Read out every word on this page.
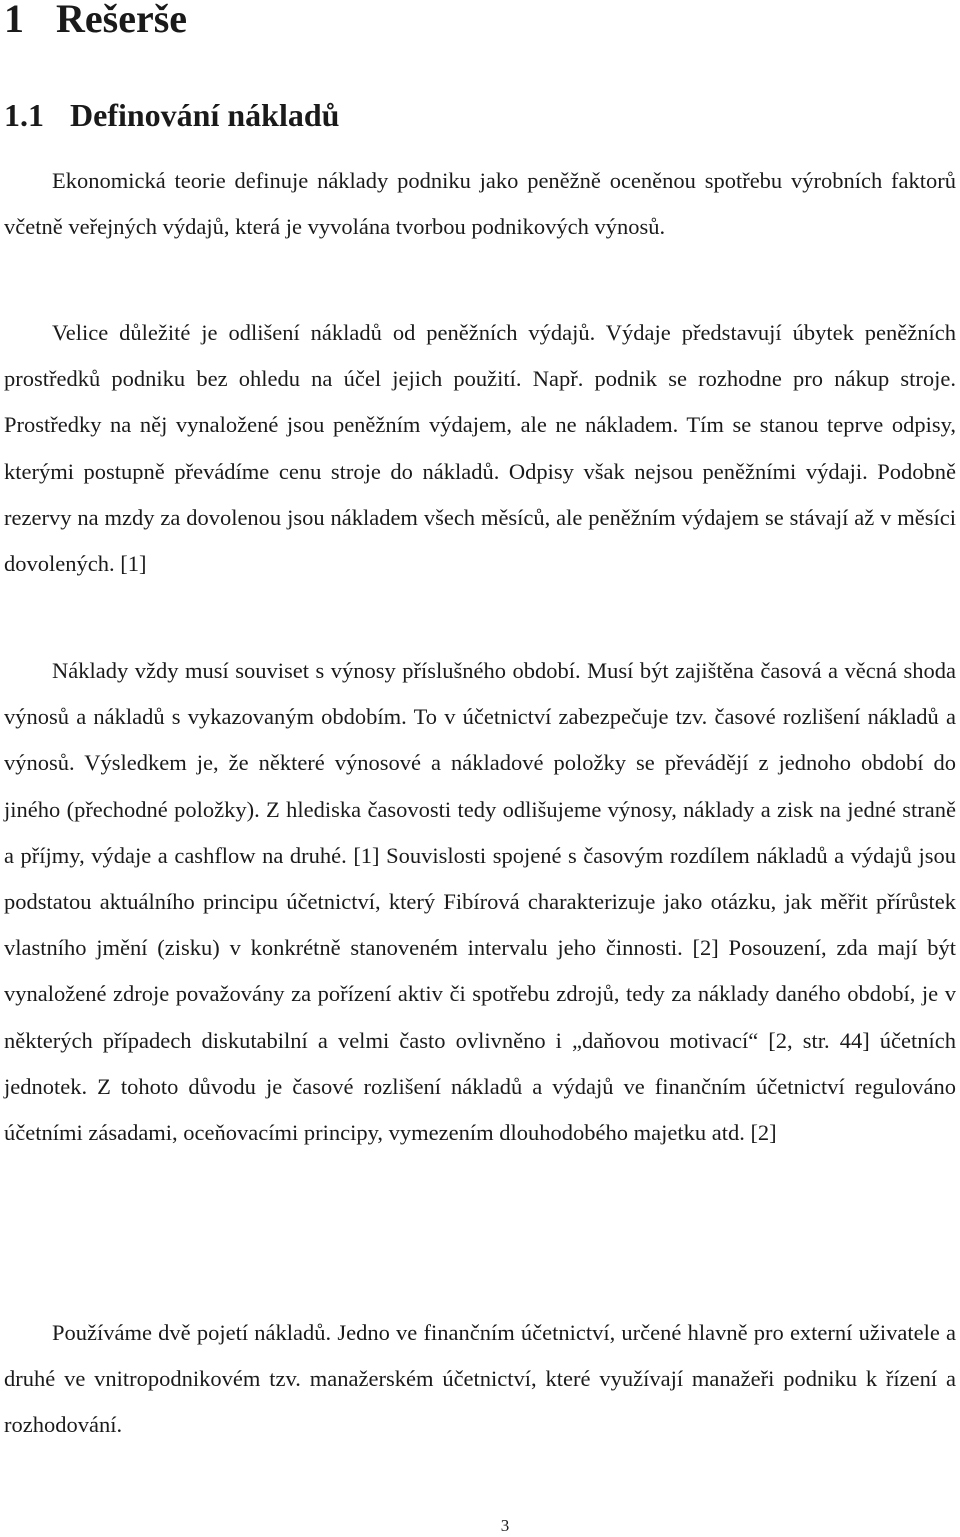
1 Rešerše
1.1 Definování nákladů

Ekonomická teorie definuje náklady podniku jako peněžně oceněnou spotřebu výrobních faktorů včetně veřejných výdajů, která je vyvolána tvorbou podnikových výnosů.

Velice důležité je odlišení nákladů od peněžních výdajů. Výdaje představují úbytek peněžních prostředků podniku bez ohledu na účel jejich použití. Např. podnik se rozhodne pro nákup stroje. Prostředky na něj vynaložené jsou peněžním výdajem, ale ne nákladem. Tím se stanou teprve odpisy, kterými postupně převádíme cenu stroje do nákladů. Odpisy však nejsou peněžními výdaji. Podobně rezervy na mzdy za dovolenou jsou nákladem všech měsíců, ale peněžním výdajem se stávají až v měsíci dovolených. [1]

Náklady vždy musí souviset s výnosy příslušného období. Musí být zajištěna časová a věcná shoda výnosů a nákladů s vykazovaným obdobím. To v účetnictví zabezpečuje tzv. časové rozlišení nákladů a výnosů. Výsledkem je, že některé výnosové a nákladové položky se převádějí z jednoho období do jiného (přechodné položky). Z hlediska časovosti tedy odlišujeme výnosy, náklady a zisk na jedné straně a příjmy, výdaje a cashflow na druhé. [1] Souvislosti spojené s časovým rozdílem nákladů a výdajů jsou podstatou aktuálního principu účetnictví, který Fibírová charakterizuje jako otázku, jak měřit přírůstek vlastního jmění (zisku) v konkrétně stanoveném intervalu jeho činnosti. [2] Posouzení, zda mají být vynaložené zdroje považovány za pořízení aktiv či spotřebu zdrojů, tedy za náklady daného období, je v některých případech diskutabilní a velmi často ovlivněno i „daňovou motivací“ [2, str. 44] účetních jednotek. Z tohoto důvodu je časové rozlišení nákladů a výdajů ve finančním účetnictví regulováno účetními zásadami, oceňovacími principy, vymezením dlouhodobého majetku atd. [2]

Používáme dvě pojetí nákladů. Jedno ve finančním účetnictví, určené hlavně pro externí uživatele a druhé ve vnitropodnikovém tzv. manažerském účetnictví, které využívají manažeři podniku k řízení a rozhodování.

3
